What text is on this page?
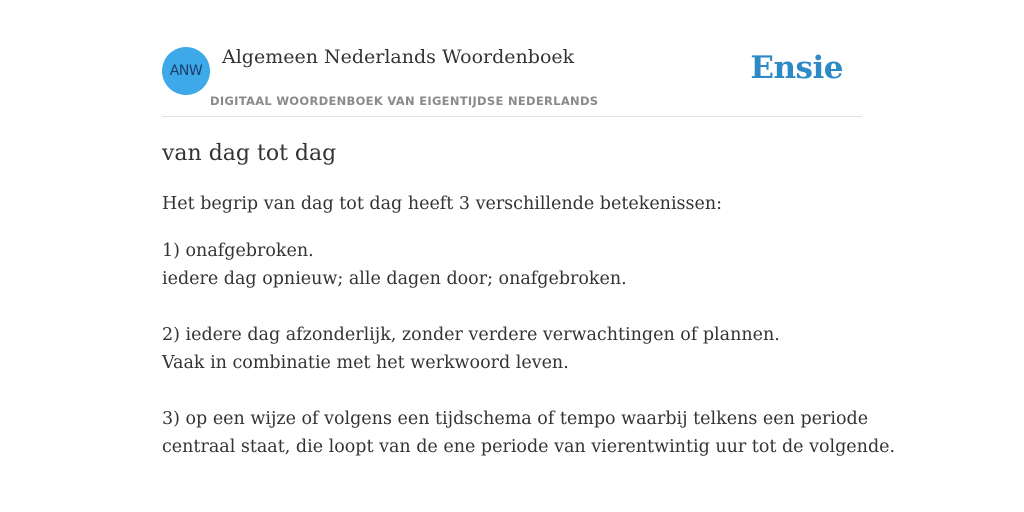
ANW
Algemeen Nederlands Woordenboek
DIGITAAL WOORDENBOEK VAN EIGENTIJDSE NEDERLANDS
Ensie
van dag tot dag

Het begrip van dag tot dag heeft 3 verschillende betekenissen:

1) onafgebroken.
iedere dag opnieuw; alle dagen door; onafgebroken.

2) iedere dag afzonderlijk, zonder verdere verwachtingen of plannen.
Vaak in combinatie met het werkwoord leven.

3) op een wijze of volgens een tijdschema of tempo waarbij telkens een periode
centraal staat, die loopt van de ene periode van vierentwintig uur tot de volgende.
